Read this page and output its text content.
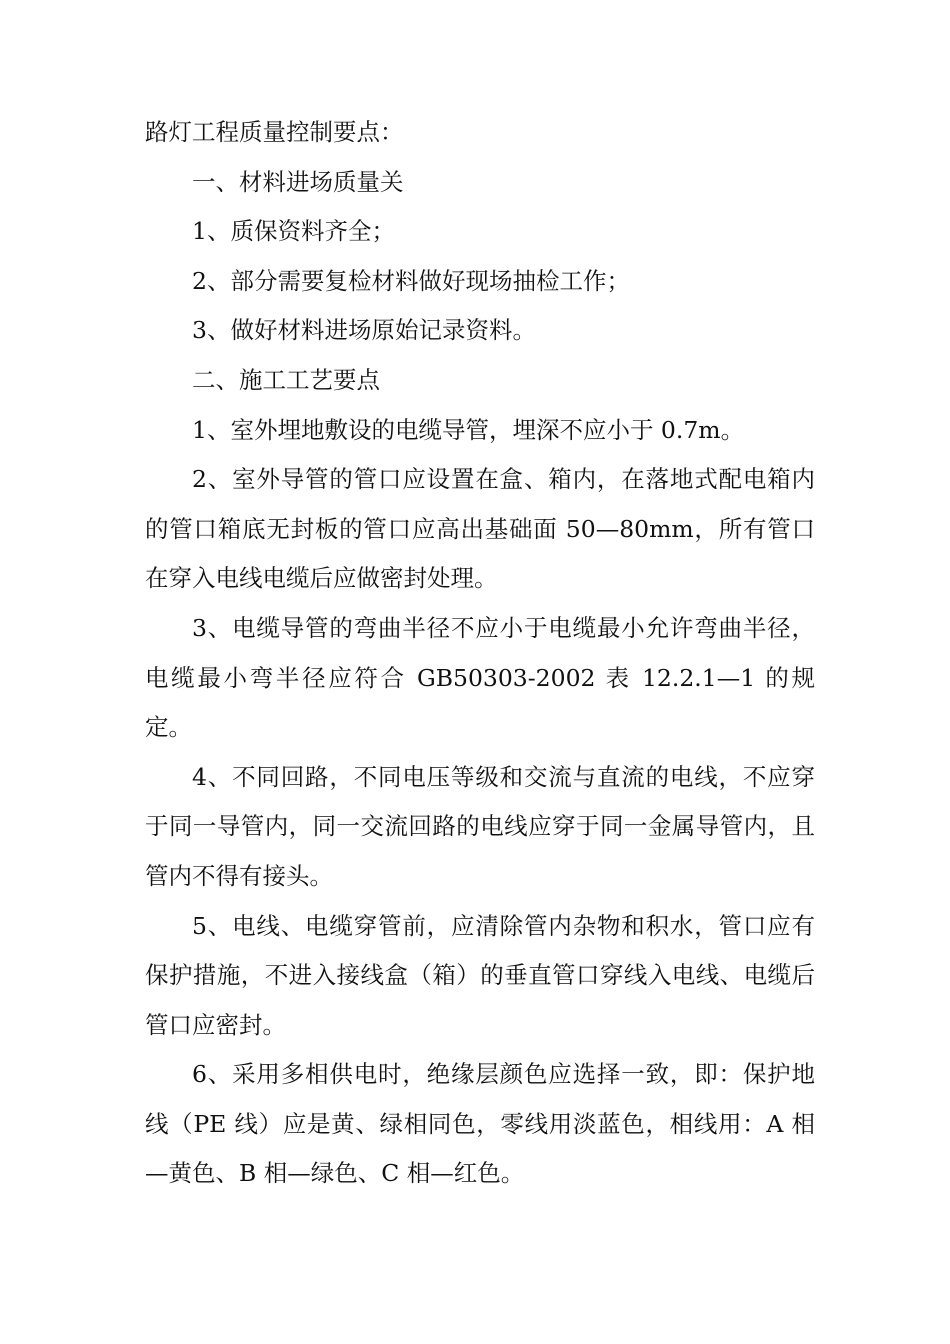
路灯工程质量控制要点：

一、材料进场质量关

1、质保资料齐全；

2、部分需要复检材料做好现场抽检工作；

3、做好材料进场原始记录资料。

二、施工工艺要点

1、室外埋地敷设的电缆导管，埋深不应小于 0.7m。

2、室外导管的管口应设置在盒、箱内，在落地式配电箱内的管口箱底无封板的管口应高出基础面 50—80mm，所有管口在穿入电线电缆后应做密封处理。

3、电缆导管的弯曲半径不应小于电缆最小允许弯曲半径，电缆最小弯半径应符合 GB50303-2002 表 12.2.1—1 的规定。

4、不同回路，不同电压等级和交流与直流的电线，不应穿于同一导管内，同一交流回路的电线应穿于同一金属导管内，且管内不得有接头。

5、电线、电缆穿管前，应清除管内杂物和积水，管口应有保护措施，不进入接线盒（箱）的垂直管口穿线入电线、电缆后管口应密封。

6、采用多相供电时，绝缘层颜色应选择一致，即：保护地线（PE 线）应是黄、绿相同色，零线用淡蓝色，相线用：A 相—黄色、B 相—绿色、C 相—红色。
